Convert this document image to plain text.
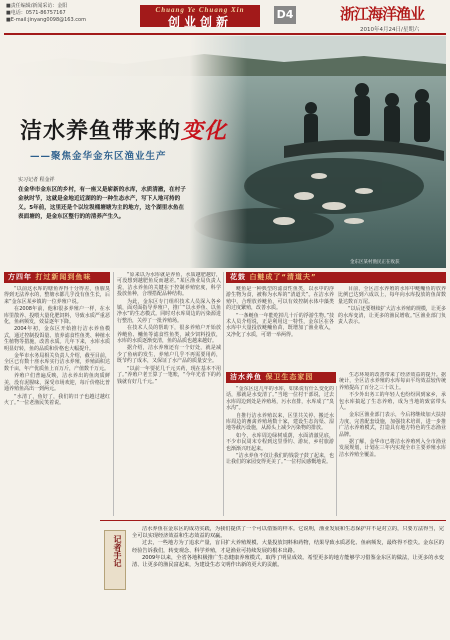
■责任编辑/新闻采访：金阳
■电话：0571-86757167
■E-mail:jinyang0098@163.com
Chuang Ye Chuang Xin
创业创新
D4	浙江海洋渔业
2010年4月24日/星期六
洁水养鱼带来的变化
——聚焦金华金东区渔业生产
实习记者 程金祥
在金华市金东区的乡村，有一座又是崭新的水库，水质清澈，在村子金秋时节，这就是金地近近湖的的一种生态水产，写下人地可持的义。5年前，这里还是个以垃圾桶塘塘为主的地方，这个湖里水鱼在表面塘的，是金东区整行的的清养产生久。
金东区某村渔民正在收获
方四年 打过新闻到鱼味

“以前这水库的塘鱼养得十分得差，鱼腥臭得到无法养水的，整塘水都几乎没有鱼生长，后来”金东区某乡镇的一位养殖户说。

在2008年前，他和很多养殖户一样，在水库里散养、投喂大量化肥饲料，导致水质严重恶化，鱼病频发，效益逐年下降。

2004年初，金东区开始推行洁水养鱼模式，通过控制投饵量、放养滤食性鱼类、种植水生植物等措施，改善水质。几年下来，水库水质明显好转，鱼的品质和价格也大幅提升。

金华市水务局相关负责人介绍，截至目前，全区已有数十座水库实行洁水养殖，养殖面积达数千亩，年产优质鱼上百万斤，产值数千万元。

养殖户们普遍反映，洁水养出的鱼肉质鲜美，没有泥腥味，深受市场欢迎，每斤价格比普通养殖鱼高出一到两元。

“水清了，鱼好了，我们的日子也越过越红火了。”一位老渔民笑着说。

“原来以为水库就是养鱼，水质越肥越好，可没想到越肥鱼反而越差。”某区渔业局负责人说，洁水养鱼的关键在于控制养殖密度，科学投放鱼种，合理搭配品种结构。

为此，金东区专门组织技术人员深入各乡镇，面对面指导养殖户，推广“以水养鱼、以鱼净水”的生态模式。同时对水库周边的污染源进行整治，关停了一批养殖场。

在技术人员的帮助下，很多养殖户开始放养鲢鱼、鳙鱼等滤食性鱼类，减少饲料投放，水库的水质逐渐变清，鱼的品质也越来越好。

据介绍，洁水养殖还有一个好处，就是减少了鱼病的发生，养殖户几乎不再需要用药，既节约了成本，又保证了水产品的质量安全。

“以前一年要花几千元买药，现在基本不用了。”养殖户老王算了一笔账，“今年光省下的药钱就有好几千元。”

花鼓 白鲢成了“清道夫”

鲢鱼是一种典型的滤食性鱼类，以水中的浮游生物为食，被称为水库的“清道夫”。在洁水养殖中，合理放养鲢鱼，可以有效控制水体中藻类的过度繁殖，改善水质。

“一条鲢鱼一年能吃掉几十斤的浮游生物。”技术人员介绍说，正是利用这一特性，金东区在各水库中大量投放鲢鳙鱼苗，既增加了渔业收入，又净化了水质，可谓一举两得。

目前，全区洁水养殖的水库中鲢鳙鱼的放养比例已达到六成以上，每年向水库投放的鱼苗数量达数百万尾。

“以后还要继续扩大洁水养殖的规模，让更多的水库变清，让更多的渔民增收。”区渔业部门负责人表示。

洁水养鱼 保卫生态家园

“金东区这几年的水库，如果说有什么变化的话，那就是水变清了。”当地一位村干部说，过去水库周边到处是养殖场，污水直排，水库成了“臭水沟”。

自推行洁水养殖以来，区里共关停、搬迁水库周边的畜禽养殖场数十家，建设生态沟渠、湿地等截污设施，从源头上减少污染物的排放。

如今，水库周边绿树成荫，水面清澈见底，不少市民周末专程到这里垂钓、游玩，乡村旅游也渐渐兴旺起来。

“洁水养鱼不仅让我们的钱袋子鼓了起来，也让我们的家园变得更美了。”一位村民感慨地说。

生态环境的改善带来了经济效益的提升。据统计，全区洁水养殖的水库每亩平均效益较传统养殖提高了百分之三十以上。

不少外出务工的年轻人也纷纷回到家乡，承包水库搞起了生态养殖，成为当地的致富带头人。

金东区渔业部门表示，今后将继续加大扶持力度，完善配套设施，加强技术培训，进一步推广洁水养殖模式，打造具有地方特色的生态渔业品牌。

据了解，金华市已将洁水养殖列入全市渔业发展规划，计划在三年内实现全市主要养殖水库洁水养殖全覆盖。

记者手记

洁水养鱼在金东区的成功实践，为我们提供了一个可以借鉴的样本。它说明，渔业发展和生态保护并不是对立的，只要方法得当，完全可以实现经济效益和生态效益的双赢。

过去，一些地方为了追求产量，盲目扩大养殖规模、大量投放饲料和药物，结果导致水质恶化、鱼病频发，最终得不偿失。金东区的经验告诉我们，转变观念、科学养殖，才是渔业可持续发展的根本出路。

2009年以来，全省各地积极推广生态健康养殖模式，取得了明显成效。希望更多的地方能够学习借鉴金东区的做法，让更多的水变清、让更多的渔民富起来，为建设生态文明作出新的更大的贡献。
